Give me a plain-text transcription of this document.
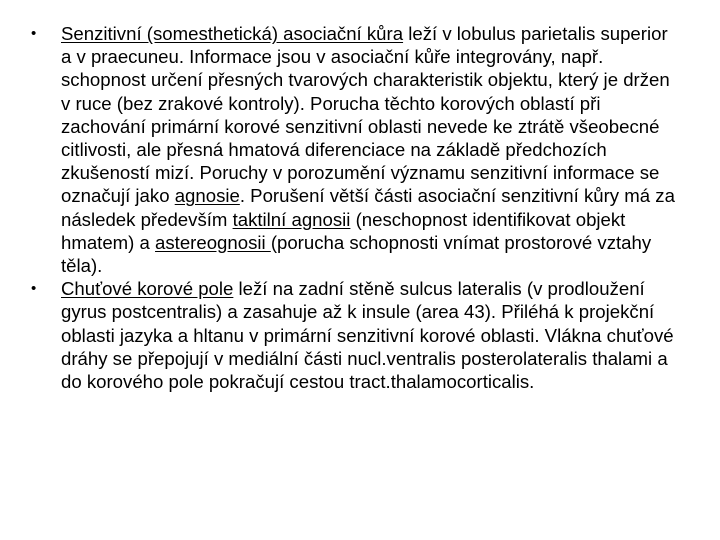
• Senzitivní (somesthetická) asociační kůra leží v lobulus parietalis superior a v praecuneu. Informace jsou v asociační kůře integrovány, např. schopnost určení přesných tvarových charakteristik objektu, který je držen v ruce (bez zrakové kontroly). Porucha těchto korových oblastí při zachování primární korové senzitivní oblasti nevede ke ztrátě všeobecné citlivosti, ale přesná hmatová diferenciace na základě předchozích zkušeností mizí. Poruchy v porozumění významu senzitivní informace se označují jako agnosie. Porušení větší části asociační senzitivní kůry má za následek především taktilní agnosii (neschopnost identifikovat objekt hmatem) a astereognosii (porucha schopnosti vnímat prostorové vztahy těla).
• Chuťové korové pole leží na zadní stěně sulcus lateralis (v prodloužení gyrus postcentralis) a zasahuje až k insule (area 43). Přiléhá k projekční oblasti jazyka a hltanu v primární senzitivní korové oblasti. Vlákna chuťové dráhy se přepojují v mediální části nucl.ventralis posterolateralis thalami a do korového pole pokračují cestou tract.thalamocorticalis.
